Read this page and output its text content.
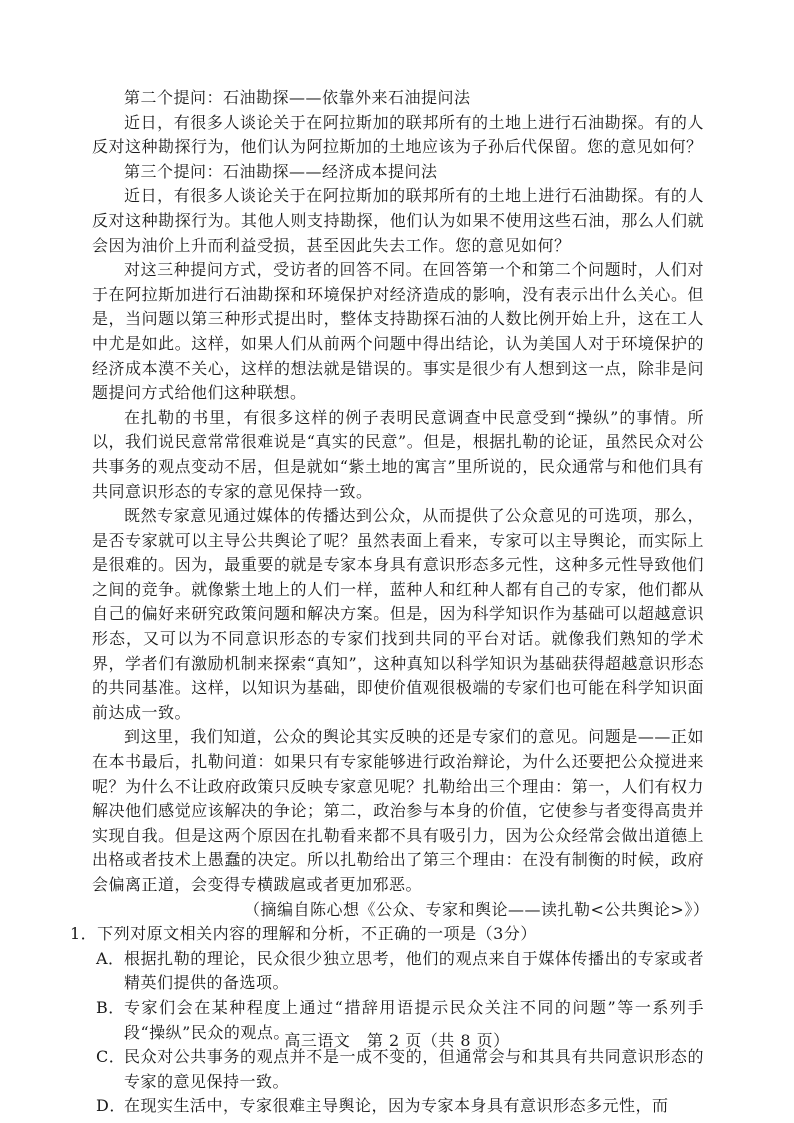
第二个提问：石油勘探——依靠外来石油提问法

近日，有很多人谈论关于在阿拉斯加的联邦所有的土地上进行石油勘探。有的人反对这种勘探行为，他们认为阿拉斯加的土地应该为子孙后代保留。您的意见如何？

第三个提问：石油勘探——经济成本提问法

近日，有很多人谈论关于在阿拉斯加的联邦所有的土地上进行石油勘探。有的人反对这种勘探行为。其他人则支持勘探，他们认为如果不使用这些石油，那么人们就会因为油价上升而利益受损，甚至因此失去工作。您的意见如何？

对这三种提问方式，受访者的回答不同。在回答第一个和第二个问题时，人们对于在阿拉斯加进行石油勘探和环境保护对经济造成的影响，没有表示出什么关心。但是，当问题以第三种形式提出时，整体支持勘探石油的人数比例开始上升，这在工人中尤是如此。这样，如果人们从前两个问题中得出结论，认为美国人对于环境保护的经济成本漠不关心，这样的想法就是错误的。事实是很少有人想到这一点，除非是问题提问方式给他们这种联想。

在扎勒的书里，有很多这样的例子表明民意调查中民意受到“操纵”的事情。所以，我们说民意常常很难说是“真实的民意”。但是，根据扎勒的论证，虽然民众对公共事务的观点变动不居，但是就如“紫土地的寓言”里所说的，民众通常与和他们具有共同意识形态的专家的意见保持一致。

既然专家意见通过媒体的传播达到公众，从而提供了公众意见的可选项，那么，是否专家就可以主导公共舆论了呢？虽然表面上看来，专家可以主导舆论，而实际上是很难的。因为，最重要的就是专家本身具有意识形态多元性，这种多元性导致他们之间的竞争。就像紫土地上的人们一样，蓝种人和红种人都有自己的专家，他们都从自己的偏好来研究政策问题和解决方案。但是，因为科学知识作为基础可以超越意识形态，又可以为不同意识形态的专家们找到共同的平台对话。就像我们熟知的学术界，学者们有激励机制来探索“真知”，这种真知以科学知识为基础获得超越意识形态的共同基准。这样，以知识为基础，即使价值观很极端的专家们也可能在科学知识面前达成一致。

到这里，我们知道，公众的舆论其实反映的还是专家们的意见。问题是——正如在本书最后，扎勒问道：如果只有专家能够进行政治辩论，为什么还要把公众搅进来呢？为什么不让政府政策只反映专家意见呢？扎勒给出三个理由：第一，人们有权力解决他们感觉应该解决的争论；第二，政治参与本身的价值，它使参与者变得高贵并实现自我。但是这两个原因在扎勒看来都不具有吸引力，因为公众经常会做出道德上出格或者技术上愚蠢的决定。所以扎勒给出了第三个理由：在没有制衡的时候，政府会偏离正道，会变得专横跋扈或者更加邪恶。

（摘编自陈心想《公众、专家和舆论——读扎勒<公共舆论>》）

1．下列对原文相关内容的理解和分析，不正确的一项是（3分）

A． 根据扎勒的理论，民众很少独立思考，他们的观点来自于媒体传播出的专家或者精英们提供的备选项。
B． 专家们会在某种程度上通过“措辞用语提示民众关注不同的问题”等一系列手段“操纵”民众的观点。
C．
民众对公共事务的观点并不是一成不变的，但通常会与和其具有共同意识形态的专家的意见保持一致。
D．
在现实生活中，专家很难主导舆论，因为专家本身具有意识形态多元性，而
高三语文　第 2 页（共 8 页）
